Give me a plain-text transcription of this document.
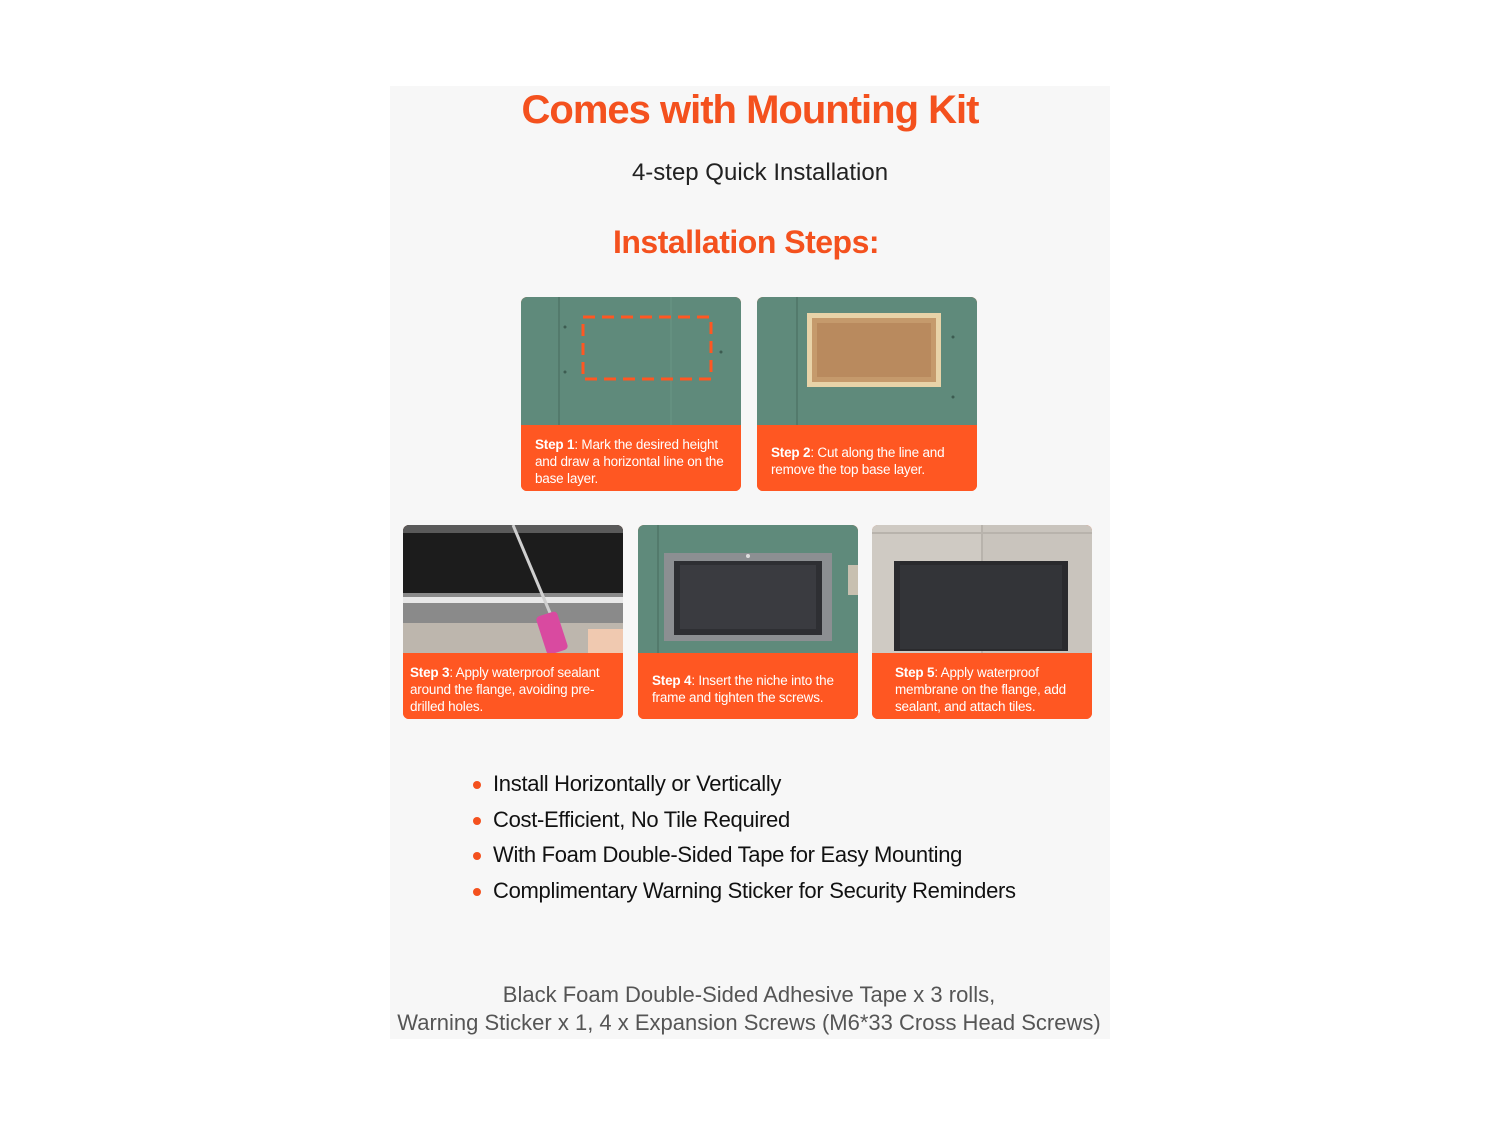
Comes with Mounting Kit
4-step Quick Installation
Installation Steps:
Step 1: Mark the desired height and draw a horizontal line on the base layer.
Step 2: Cut along the line and remove the top base layer.
Step 3: Apply waterproof sealant around the flange, avoiding pre-drilled holes.
Step 4: Insert the niche into the frame and tighten the screws.
Step 5: Apply waterproof membrane on the flange, add sealant, and attach tiles.
Install Horizontally or Vertically
Cost-Efficient, No Tile Required
With Foam Double-Sided Tape for Easy Mounting
Complimentary Warning Sticker for Security Reminders
Black Foam Double-Sided Adhesive Tape x 3 rolls,
Warning Sticker x 1, 4 x Expansion Screws (M6*33 Cross Head Screws)
